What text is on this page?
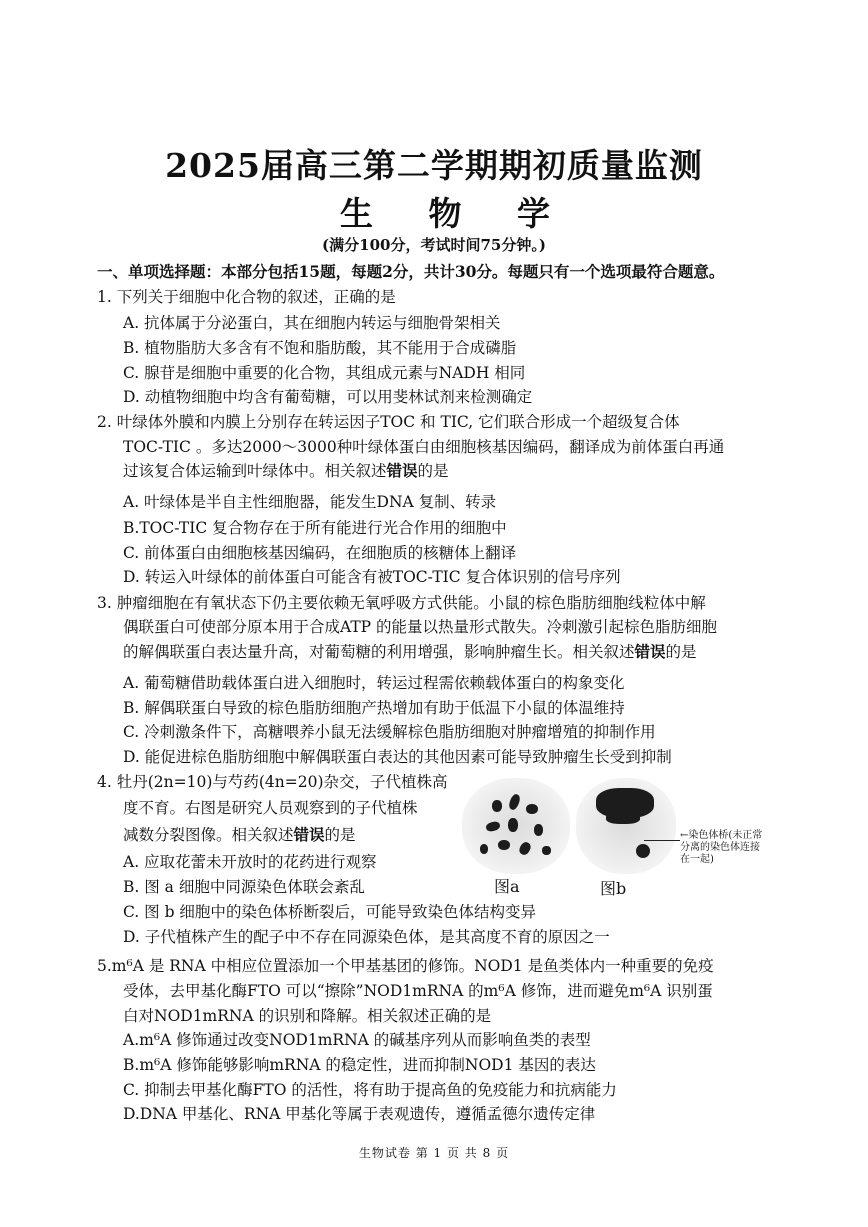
2025届高三第二学期期初质量监测
生 物 学
(满分100分，考试时间75分钟。)
一、单项选择题：本部分包括15题，每题2分，共计30分。每题只有一个选项最符合题意。
1. 下列关于细胞中化合物的叙述，正确的是
A. 抗体属于分泌蛋白，其在细胞内转运与细胞骨架相关
B. 植物脂肪大多含有不饱和脂肪酸，其不能用于合成磷脂
C. 腺苷是细胞中重要的化合物，其组成元素与NADH 相同
D. 动植物细胞中均含有葡萄糖，可以用斐林试剂来检测确定
2. 叶绿体外膜和内膜上分别存在转运因子TOC 和 TIC, 它们联合形成一个超级复合体
TOC-TIC 。多达2000～3000种叶绿体蛋白由细胞核基因编码，翻译成为前体蛋白再通
过该复合体运输到叶绿体中。相关叙述错误的是
A. 叶绿体是半自主性细胞器，能发生DNA 复制、转录
B.TOC-TIC 复合物存在于所有能进行光合作用的细胞中
C. 前体蛋白由细胞核基因编码，在细胞质的核糖体上翻译
D. 转运入叶绿体的前体蛋白可能含有被TOC-TIC 复合体识别的信号序列
3. 肿瘤细胞在有氧状态下仍主要依赖无氧呼吸方式供能。小鼠的棕色脂肪细胞线粒体中解
偶联蛋白可使部分原本用于合成ATP 的能量以热量形式散失。冷刺激引起棕色脂肪细胞
的解偶联蛋白表达量升高，对葡萄糖的利用增强，影响肿瘤生长。相关叙述错误的是
A. 葡萄糖借助载体蛋白进入细胞时，转运过程需依赖载体蛋白的构象变化
B. 解偶联蛋白导致的棕色脂肪细胞产热增加有助于低温下小鼠的体温维持
C. 冷刺激条件下，高糖喂养小鼠无法缓解棕色脂肪细胞对肿瘤增殖的抑制作用
D. 能促进棕色脂肪细胞中解偶联蛋白表达的其他因素可能导致肿瘤生长受到抑制
4. 牡丹(2n=10)与芍药(4n=20)杂交，子代植株高
度不育。右图是研究人员观察到的子代植株
减数分裂图像。相关叙述错误的是
A. 应取花蕾未开放时的花药进行观察
B. 图 a 细胞中同源染色体联会紊乱
C. 图 b 细胞中的染色体桥断裂后，可能导致染色体结构变异
D. 子代植株产生的配子中不存在同源染色体，是其高度不育的原因之一
←染色体桥(未正常分离的染色体连接在一起)
图a	图b
5.m⁶A 是 RNA 中相应位置添加一个甲基基团的修饰。NOD1 是鱼类体内一种重要的免疫
受体，去甲基化酶FTO 可以“擦除”NOD1mRNA 的m⁶A 修饰，进而避免m⁶A 识别蛋
白对NOD1mRNA 的识别和降解。相关叙述正确的是
A.m⁶A 修饰通过改变NOD1mRNA 的碱基序列从而影响鱼类的表型
B.m⁶A 修饰能够影响mRNA 的稳定性，进而抑制NOD1 基因的表达
C. 抑制去甲基化酶FTO 的活性，将有助于提高鱼的免疫能力和抗病能力
D.DNA 甲基化、RNA 甲基化等属于表观遗传，遵循孟德尔遗传定律
生物试卷 第 1 页 共 8 页
